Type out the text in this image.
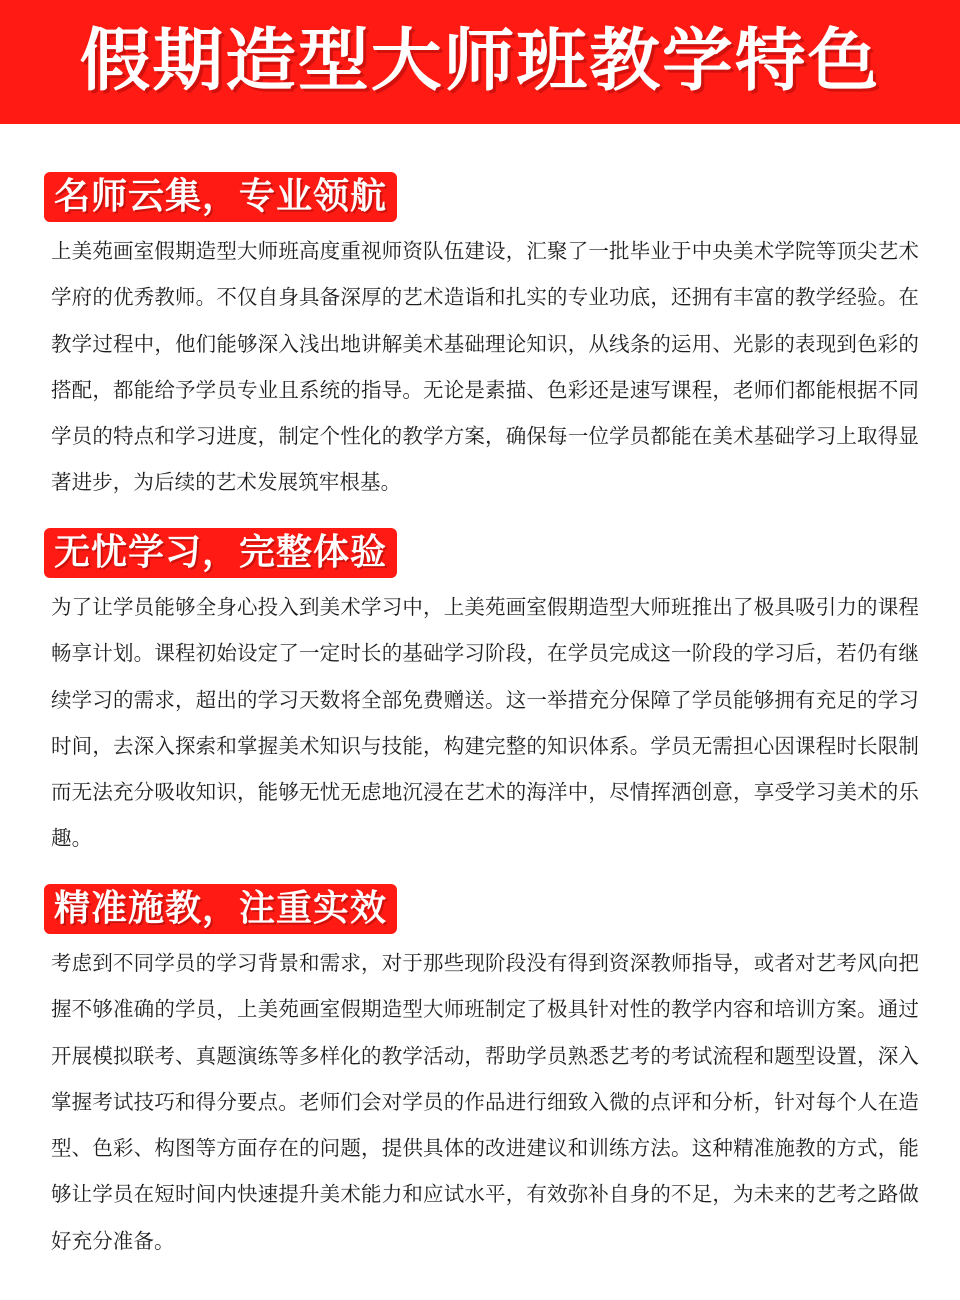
假期造型大师班教学特色
名师云集，专业领航

上美苑画室假期造型大师班高度重视师资队伍建设，汇聚了一批毕业于中央美术学院等顶尖艺术学府的优秀教师。不仅自身具备深厚的艺术造诣和扎实的专业功底，还拥有丰富的教学经验。在教学过程中，他们能够深入浅出地讲解美术基础理论知识，从线条的运用、光影的表现到色彩的搭配，都能给予学员专业且系统的指导。无论是素描、色彩还是速写课程，老师们都能根据不同学员的特点和学习进度，制定个性化的教学方案，确保每一位学员都能在美术基础学习上取得显著进步，为后续的艺术发展筑牢根基。

无忧学习，完整体验

为了让学员能够全身心投入到美术学习中，上美苑画室假期造型大师班推出了极具吸引力的课程畅享计划。课程初始设定了一定时长的基础学习阶段，在学员完成这一阶段的学习后，若仍有继续学习的需求，超出的学习天数将全部免费赠送。这一举措充分保障了学员能够拥有充足的学习时间，去深入探索和掌握美术知识与技能，构建完整的知识体系。学员无需担心因课程时长限制而无法充分吸收知识，能够无忧无虑地沉浸在艺术的海洋中，尽情挥洒创意，享受学习美术的乐趣。

精准施教，注重实效

考虑到不同学员的学习背景和需求，对于那些现阶段没有得到资深教师指导，或者对艺考风向把握不够准确的学员，上美苑画室假期造型大师班制定了极具针对性的教学内容和培训方案。通过开展模拟联考、真题演练等多样化的教学活动，帮助学员熟悉艺考的考试流程和题型设置，深入掌握考试技巧和得分要点。老师们会对学员的作品进行细致入微的点评和分析，针对每个人在造型、色彩、构图等方面存在的问题，提供具体的改进建议和训练方法。这种精准施教的方式，能够让学员在短时间内快速提升美术能力和应试水平，有效弥补自身的不足，为未来的艺考之路做好充分准备。
